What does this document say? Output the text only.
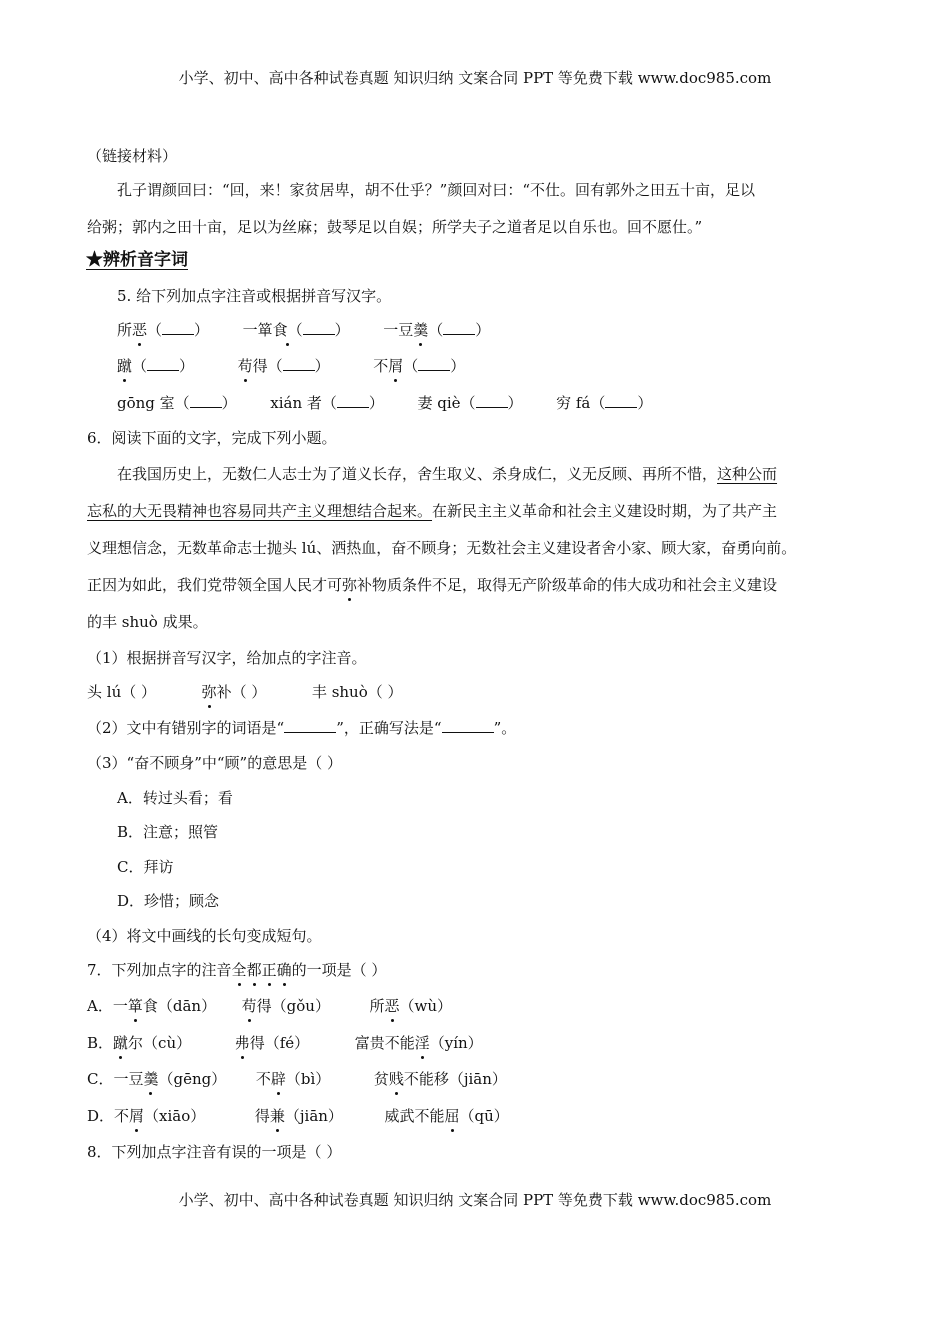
小学、初中、高中各种试卷真题 知识归纳 文案合同 PPT 等免费下载 www.doc985.com
（链接材料）
孔子谓颜回曰：“回，来！家贫居卑，胡不仕乎？”颜回对曰：“不仕。回有郭外之田五十亩，足以
给粥；郭内之田十亩，足以为丝麻；鼓琴足以自娱；所学夫子之道者足以自乐也。回不愿仕。”
★辨析音字词
5. 给下列加点字注音或根据拼音写汉字。
所恶（ ） 一箪食（ ） 一豆羹（ ）
蹴（ ）	苟得（ ）	不屑（ ）
gōng 室（ ） xián 者（ ） 妻 qiè（ ） 穷 fá（ ）
6．阅读下面的文字，完成下列小题。
在我国历史上，无数仁人志士为了道义长存，舍生取义、杀身成仁，义无反顾、再所不惜，这种公而
忘私的大无畏精神也容易同共产主义理想结合起来。在新民主主义革命和社会主义建设时期，为了共产主
义理想信念，无数革命志士抛头 lú、洒热血，奋不顾身；无数社会主义建设者舍小家、顾大家，奋勇向前。
正因为如此，我们党带领全国人民才可弥补物质条件不足，取得无产阶级革命的伟大成功和社会主义建设
的丰 shuò 成果。
（1）根据拼音写汉字，给加点的字注音。
头 lú（ ）	弥补（ ）	丰 shuò（ ）
（2）文中有错别字的词语是“	”，正确写法是“	”。
（3）“奋不顾身”中“顾”的意思是（ ）
A．转过头看；看
B．注意；照管
C．拜访
D．珍惜；顾念
（4）将文中画线的长句变成短句。
7．下列加点字的注音全都正确的一项是（ ）
A．一箪食（dān） 苟得（gǒu）	所恶（wù）
B．蹴尔（cù）	弗得（fé）	富贵不能淫（yín）
C．一豆羹（gēng） 不辟（bì）	贫贱不能移（jiān）
D．不屑（xiāo）	得兼（jiān）	威武不能屈（qū）
8．下列加点字注音有误的一项是（ ）
小学、初中、高中各种试卷真题 知识归纳 文案合同 PPT 等免费下载 www.doc985.com
